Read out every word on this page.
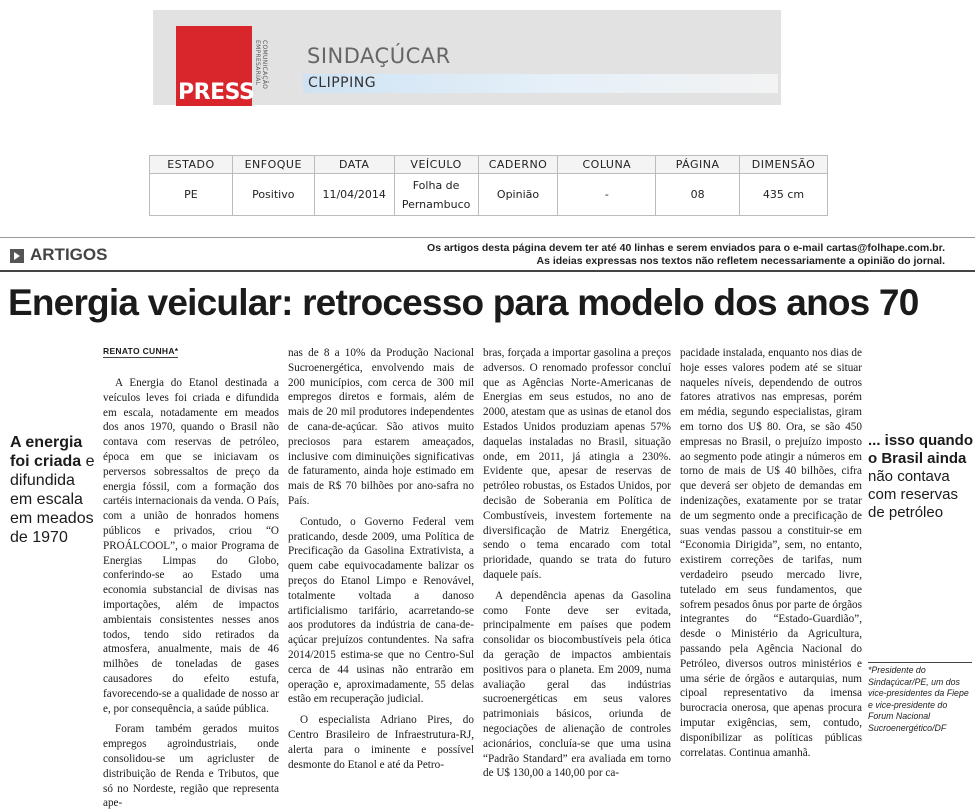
PRESS
COMUNICAÇÃO EMPRESARIAL	SINDAÇÚCAR
CLIPPING
ESTADO	ENFOQUE	DATA	VEÍCULO	CADERNO	COLUNA	PÁGINA	DIMENSÃO
PE	Positivo	11/04/2014	Folha de Pernambuco	Opinião	-	08	435 cm
ARTIGOS	Os artigos desta página devem ter até 40 linhas e serem enviados para o e-mail cartas@folhape.com.br.
As ideias expressas nos textos não refletem necessariamente a opinião do jornal.
Energia veicular: retrocesso para modelo dos anos 70
A energia foi criada e difundida em escala em meados de 1970
RENATO CUNHA*

A Energia do Etanol destinada a veículos leves foi criada e difundida em escala, notadamente em meados dos anos 1970, quando o Brasil não contava com reservas de petróleo, época em que se iniciavam os perversos sobressaltos de preço da energia fóssil, com a formação dos cartéis internacionais da venda. O País, com a união de honrados homens públicos e privados, criou “O PROÁLCOOL”, o maior Programa de Energias Limpas do Globo, conferindo-se ao Estado uma economia substancial de divisas nas importações, além de impactos ambientais consistentes nesses anos todos, tendo sido retirados da atmosfera, anualmente, mais de 46 milhões de toneladas de gases causadores do efeito estufa, favorecendo-se a qualidade de nosso ar e, por consequência, a saúde pública.

Foram também gerados muitos empregos agroindustriais, onde consolidou-se um agricluster de distribuição de Renda e Tributos, que só no Nordeste, região que representa ape-

nas de 8 a 10% da Produção Nacional Sucroenergética, envolvendo mais de 200 municípios, com cerca de 300 mil empregos diretos e formais, além de mais de 20 mil produtores independentes de cana-de-açúcar. São ativos muito preciosos para estarem ameaçados, inclusive com diminuições significativas de faturamento, ainda hoje estimado em mais de R$ 70 bilhões por ano-safra no País.

Contudo, o Governo Federal vem praticando, desde 2009, uma Política de Precificação da Gasolina Extrativista, a quem cabe equivocadamente balizar os preços do Etanol Limpo e Renovável, totalmente voltada a danoso artificialismo tarifário, acarretando-se aos produtores da indústria de cana-de-açúcar prejuízos contundentes. Na safra 2014/2015 estima-se que no Centro-Sul cerca de 44 usinas não entrarão em operação e, aproximadamente, 55 delas estão em recuperação judicial.

O especialista Adriano Pires, do Centro Brasileiro de Infraestrutura-RJ, alerta para o iminente e possível desmonte do Etanol e até da Petro-

bras, forçada a importar gasolina a preços adversos. O renomado professor concluí que as Agências Norte-Americanas de Energias em seus estudos, no ano de 2000, atestam que as usinas de etanol dos Estados Unidos produziam apenas 57% daquelas instaladas no Brasil, situação onde, em 2011, já atingia a 230%. Evidente que, apesar de reservas de petróleo robustas, os Estados Unidos, por decisão de Soberania em Política de Combustíveis, investem fortemente na diversificação de Matriz Energética, sendo o tema encarado com total prioridade, quando se trata do futuro daquele país.

A dependência apenas da Gasolina como Fonte deve ser evitada, principalmente em países que podem consolidar os biocombustíveis pela ótica da geração de impactos ambientais positivos para o planeta. Em 2009, numa avaliação geral das indústrias sucroenergéticas em seus valores patrimoniais básicos, oriunda de negociações de alienação de controles acionários, concluía-se que uma usina “Padrão Standard” era avaliada em torno de U$ 130,00 a 140,00 por ca-

pacidade instalada, enquanto nos dias de hoje esses valores podem até se situar naqueles níveis, dependendo de outros fatores atrativos nas empresas, porém em média, segundo especialistas, giram em torno dos U$ 80. Ora, se são 450 empresas no Brasil, o prejuízo imposto ao segmento pode atingir a números em torno de mais de U$ 40 bilhões, cifra que deverá ser objeto de demandas em indenizações, exatamente por se tratar de um segmento onde a precificação de suas vendas passou a constituir-se em “Economia Dirigida”, sem, no entanto, existirem correções de tarifas, num verdadeiro pseudo mercado livre, tutelado em seus fundamentos, que sofrem pesados ônus por parte de órgãos integrantes do “Estado-Guardião”, desde o Ministério da Agricultura, passando pela Agência Nacional do Petróleo, diversos outros ministérios e uma série de órgãos e autarquias, num cipoal representativo da imensa burocracia onerosa, que apenas procura imputar exigências, sem, contudo, disponibilizar as políticas públicas correlatas. Continua amanhã.

... isso quando o Brasil ainda não contava com reservas de petróleo
*Presidente do Sindaçúcar/PE, um dos vice-presidentes da Fiepe e vice-presidente do Forum Nacional Sucroenergético/DF
